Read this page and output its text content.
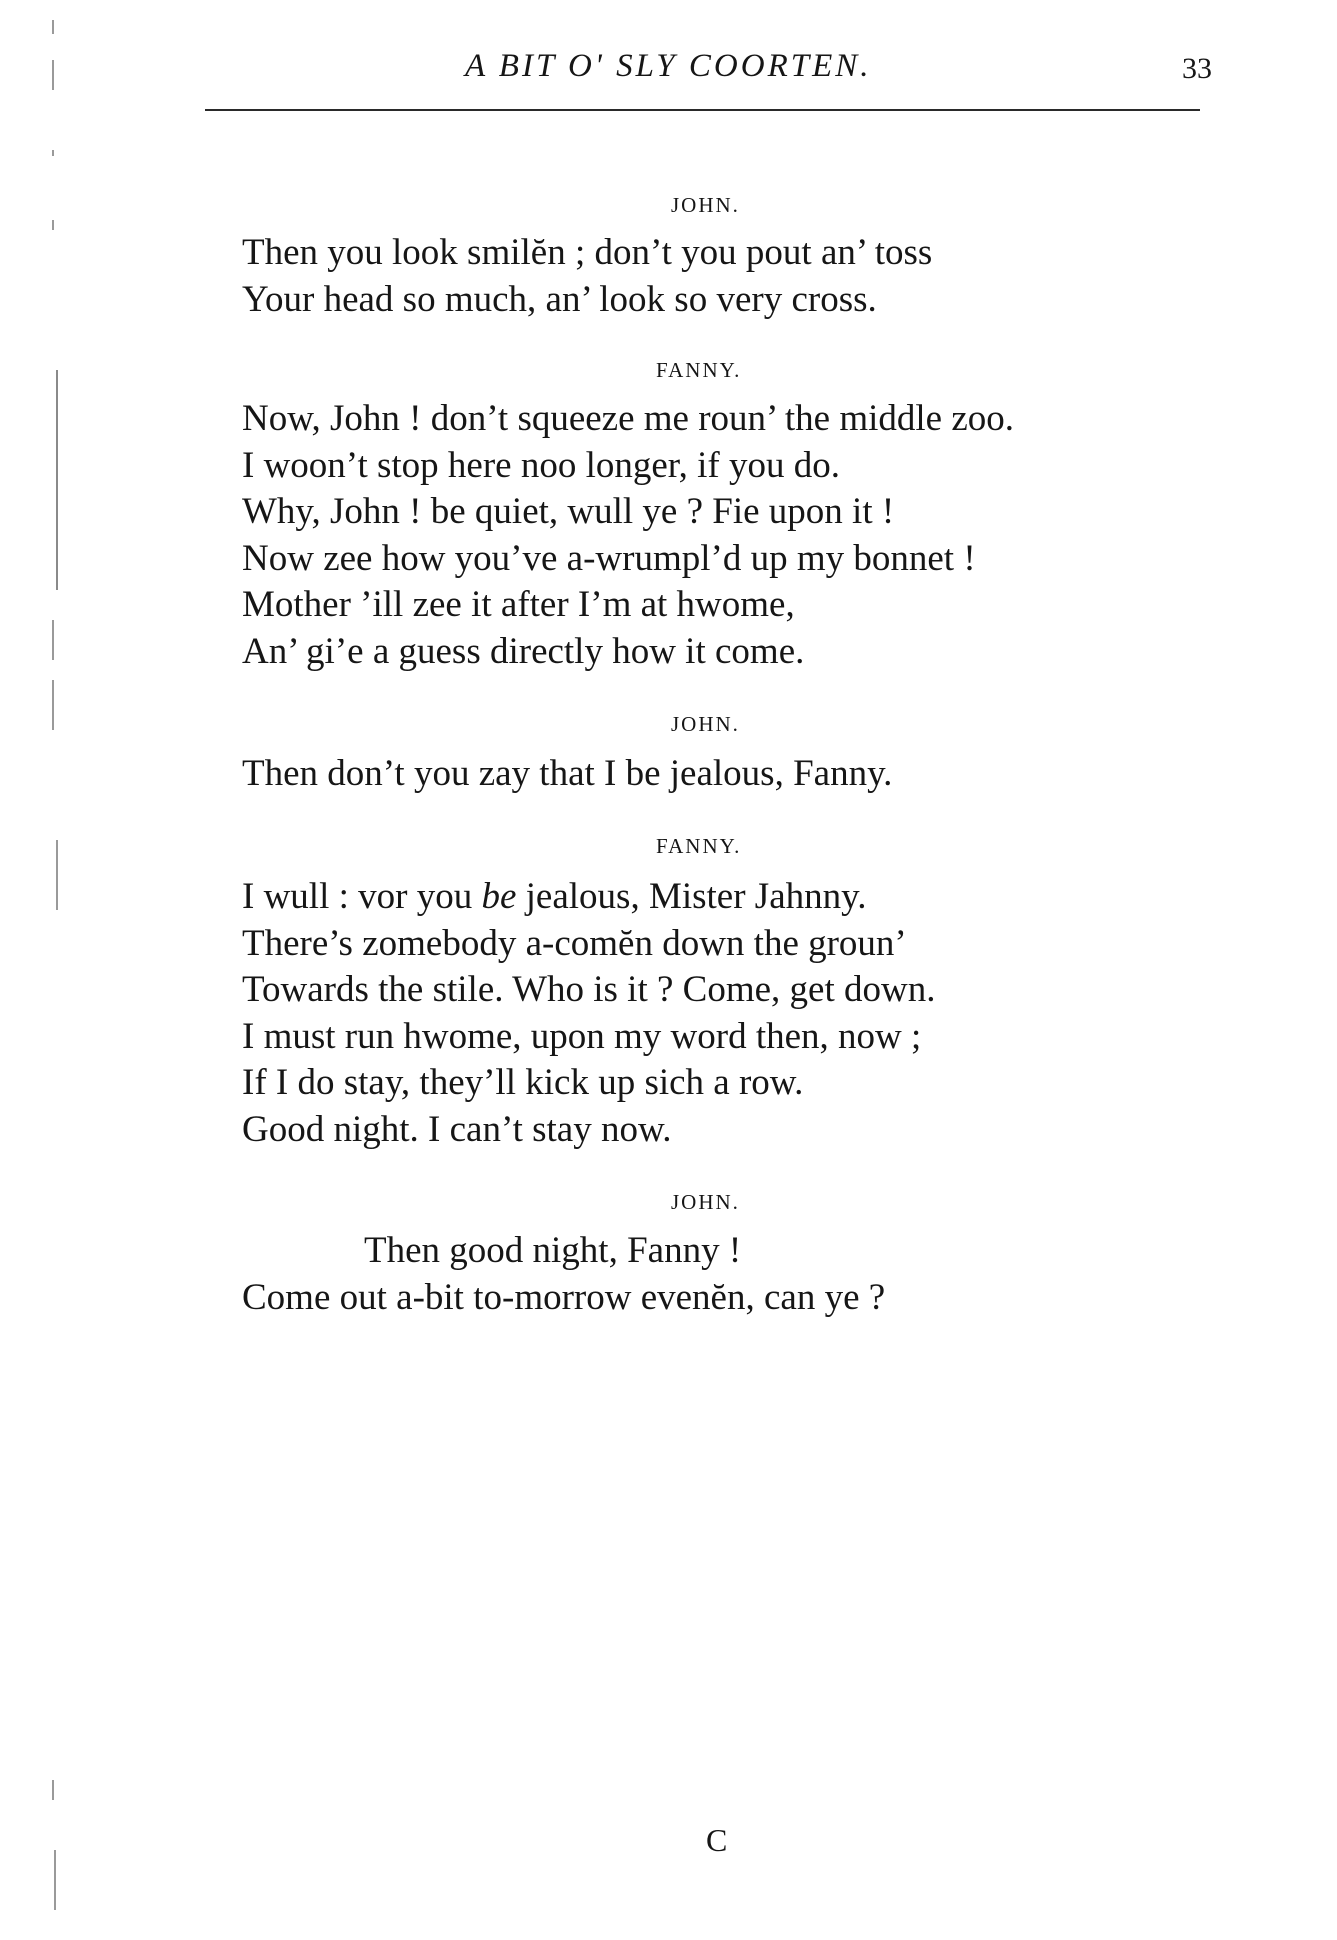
A BIT O' SLY COORTEN.	33
JOHN.
Then you look smilĕn ; don’t you pout an’ toss
Your head so much, an’ look so very cross.
FANNY.
Now, John ! don’t squeeze me roun’ the middle zoo.
I woon’t stop here noo longer, if you do.
Why, John ! be quiet, wull ye ? Fie upon it !
Now zee how you’ve a-wrumpl’d up my bonnet !
Mother ’ill zee it after I’m at hwome,
An’ gi’e a guess directly how it come.
JOHN.
Then don’t you zay that I be jealous, Fanny.
FANNY.
I wull : vor you be jealous, Mister Jahnny.
There’s zomebody a-comĕn down the groun’
Towards the stile. Who is it ? Come, get down.
I must run hwome, upon my word then, now ;
If I do stay, they’ll kick up sich a row.
Good night. I can’t stay now.
JOHN.
Then good night, Fanny !
Come out a-bit to-morrow evenĕn, can ye ?
C
